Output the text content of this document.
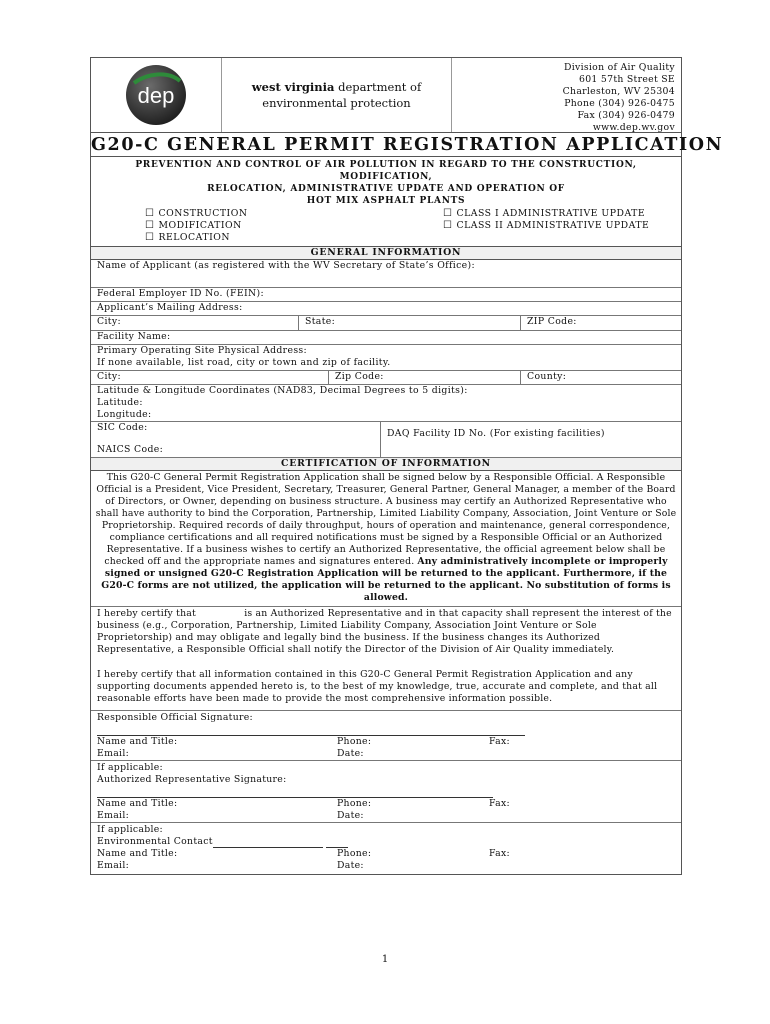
dep	west virginia department of environmental protection
Division of Air Quality
601 57th Street SE
Charleston, WV 25304
Phone (304) 926-0475
Fax (304) 926-0479
www.dep.wv.gov
G20-C GENERAL PERMIT REGISTRATION APPLICATION
PREVENTION AND CONTROL OF AIR POLLUTION IN REGARD TO THE CONSTRUCTION, MODIFICATION,
RELOCATION, ADMINISTRATIVE UPDATE AND OPERATION OF
HOT MIX ASPHALT PLANTS
☐ CONSTRUCTION
☐ MODIFICATION
☐ RELOCATION
☐ CLASS I ADMINISTRATIVE UPDATE
☐ CLASS II ADMINISTRATIVE UPDATE
GENERAL INFORMATION
Name of Applicant (as registered with the WV Secretary of State’s Office):
Federal Employer ID No. (FEIN):
Applicant’s Mailing Address:
City:	State:	ZIP Code:
Facility Name:
Primary Operating Site Physical Address:
If none available, list road, city or town and zip of facility.
City:	Zip Code:	County:
Latitude & Longitude Coordinates (NAD83, Decimal Degrees to 5 digits):
Latitude:
Longitude:
SIC Code:
NAICS Code:
DAQ Facility ID No. (For existing facilities)
CERTIFICATION OF INFORMATION
This G20-C General Permit Registration Application shall be signed below by a Responsible Official. A Responsible Official is a President, Vice President, Secretary, Treasurer, General Partner, General Manager, a member of the Board of Directors, or Owner, depending on business structure. A business may certify an Authorized Representative who shall have authority to bind the Corporation, Partnership, Limited Liability Company, Association, Joint Venture or Sole Proprietorship. Required records of daily throughput, hours of operation and maintenance, general correspondence, compliance certifications and all required notifications must be signed by a Responsible Official or an Authorized Representative. If a business wishes to certify an Authorized Representative, the official agreement below shall be checked off and the appropriate names and signatures entered. Any administratively incomplete or improperly signed or unsigned G20-C Registration Application will be returned to the applicant. Furthermore, if the G20-C forms are not utilized, the application will be returned to the applicant. No substitution of forms is allowed.
I hereby certify that	is an Authorized Representative and in that capacity shall represent the interest of the business (e.g., Corporation, Partnership, Limited Liability Company, Association Joint Venture or Sole Proprietorship) and may obligate and legally bind the business. If the business changes its Authorized Representative, a Responsible Official shall notify the Director of the Division of Air Quality immediately.
I hereby certify that all information contained in this G20-C General Permit Registration Application and any supporting documents appended hereto is, to the best of my knowledge, true, accurate and complete, and that all reasonable efforts have been made to provide the most comprehensive information possible.
Responsible Official Signature:
Name and Title:	Phone:	Fax:
Email:	Date:
If applicable:
Authorized Representative Signature:
Name and Title:	Phone:	Fax:
Email:	Date:
If applicable:
Environmental Contact
Name and Title:	Phone:	Fax:
Email:	Date:
1
